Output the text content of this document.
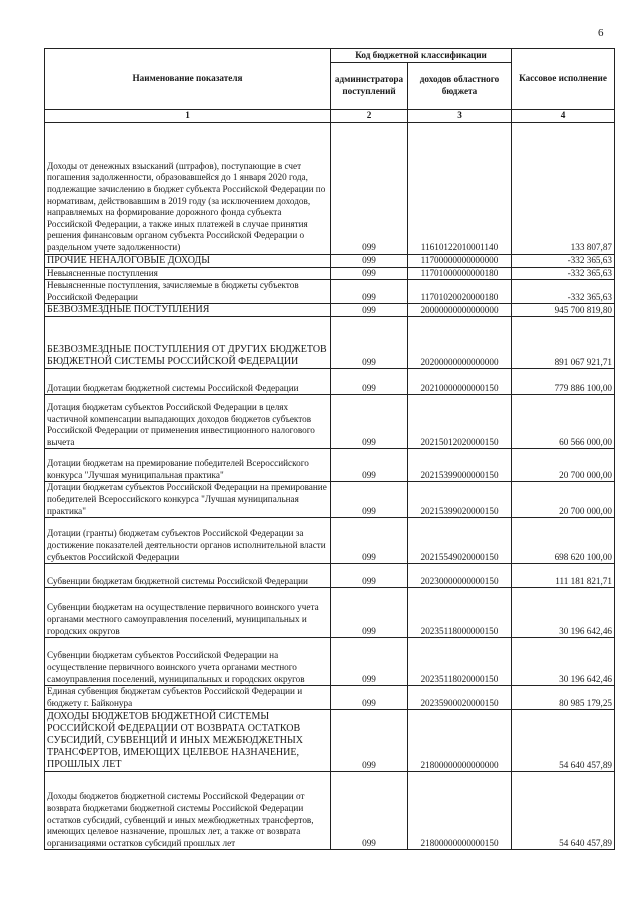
6
Наименование показателя	Код бюджетной классификации		Кассовое исполнение
	администратора поступлений	доходов областного бюджета	
1	2	3	4
Доходы от денежных взысканий (штрафов), поступающие в счет погашения задолженности, образовавшейся до 1 января 2020 года, подлежащие зачислению в бюджет субъекта Российской Федерации по нормативам, действовавшим в 2019 году (за исключением доходов, направляемых на формирование дорожного фонда субъекта Российской Федерации, а также иных платежей в случае принятия решения финансовым органом субъекта Российской Федерации о раздельном учете задолженности)	099	11610122010001140	133 807,87
ПРОЧИЕ НЕНАЛОГОВЫЕ ДОХОДЫ	099	11700000000000000	-332 365,63
Невыясненные поступления	099	11701000000000180	-332 365,63
Невыясненные поступления, зачисляемые в бюджеты субъектов Российской Федерации	099	11701020020000180	-332 365,63
БЕЗВОЗМЕЗДНЫЕ ПОСТУПЛЕНИЯ	099	20000000000000000	945 700 819,80
БЕЗВОЗМЕЗДНЫЕ ПОСТУПЛЕНИЯ ОТ ДРУГИХ БЮДЖЕТОВ БЮДЖЕТНОЙ СИСТЕМЫ РОССИЙСКОЙ ФЕДЕРАЦИИ	099	20200000000000000	891 067 921,71
Дотации бюджетам бюджетной системы Российской Федерации	099	20210000000000150	779 886 100,00
Дотация бюджетам субъектов Российской Федерации в целях частичной компенсации выпадающих доходов бюджетов субъектов Российской Федерации от применения инвестиционного налогового вычета	099	20215012020000150	60 566 000,00
Дотации бюджетам на премирование победителей Всероссийского конкурса "Лучшая муниципальная практика"	099	20215399000000150	20 700 000,00
Дотации бюджетам субъектов Российской Федерации на премирование победителей Всероссийского конкурса "Лучшая муниципальная практика"	099	20215399020000150	20 700 000,00
Дотации (гранты) бюджетам субъектов Российской Федерации за достижение показателей деятельности органов исполнительной власти субъектов Российской Федерации	099	20215549020000150	698 620 100,00
Субвенции бюджетам бюджетной системы Российской Федерации	099	20230000000000150	111 181 821,71
Субвенции бюджетам на осуществление первичного воинского учета органами местного самоуправления поселений, муниципальных и городских округов	099	20235118000000150	30 196 642,46
Субвенции бюджетам субъектов Российской Федерации на осуществление первичного воинского учета органами местного самоуправления поселений, муниципальных и городских округов	099	20235118020000150	30 196 642,46
Единая субвенция бюджетам субъектов Российской Федерации и бюджету г. Байконура	099	20235900020000150	80 985 179,25
ДОХОДЫ БЮДЖЕТОВ БЮДЖЕТНОЙ СИСТЕМЫ РОССИЙСКОЙ ФЕДЕРАЦИИ ОТ ВОЗВРАТА ОСТАТКОВ СУБСИДИЙ, СУБВЕНЦИЙ И ИНЫХ МЕЖБЮДЖЕТНЫХ ТРАНСФЕРТОВ, ИМЕЮЩИХ ЦЕЛЕВОЕ НАЗНАЧЕНИЕ, ПРОШЛЫХ ЛЕТ	099	21800000000000000	54 640 457,89
Доходы бюджетов бюджетной системы Российской Федерации от возврата бюджетами бюджетной системы Российской Федерации остатков субсидий, субвенций и иных межбюджетных трансфертов, имеющих целевое назначение, прошлых лет, а также от возврата организациями остатков субсидий прошлых лет	099	21800000000000150	54 640 457,89
